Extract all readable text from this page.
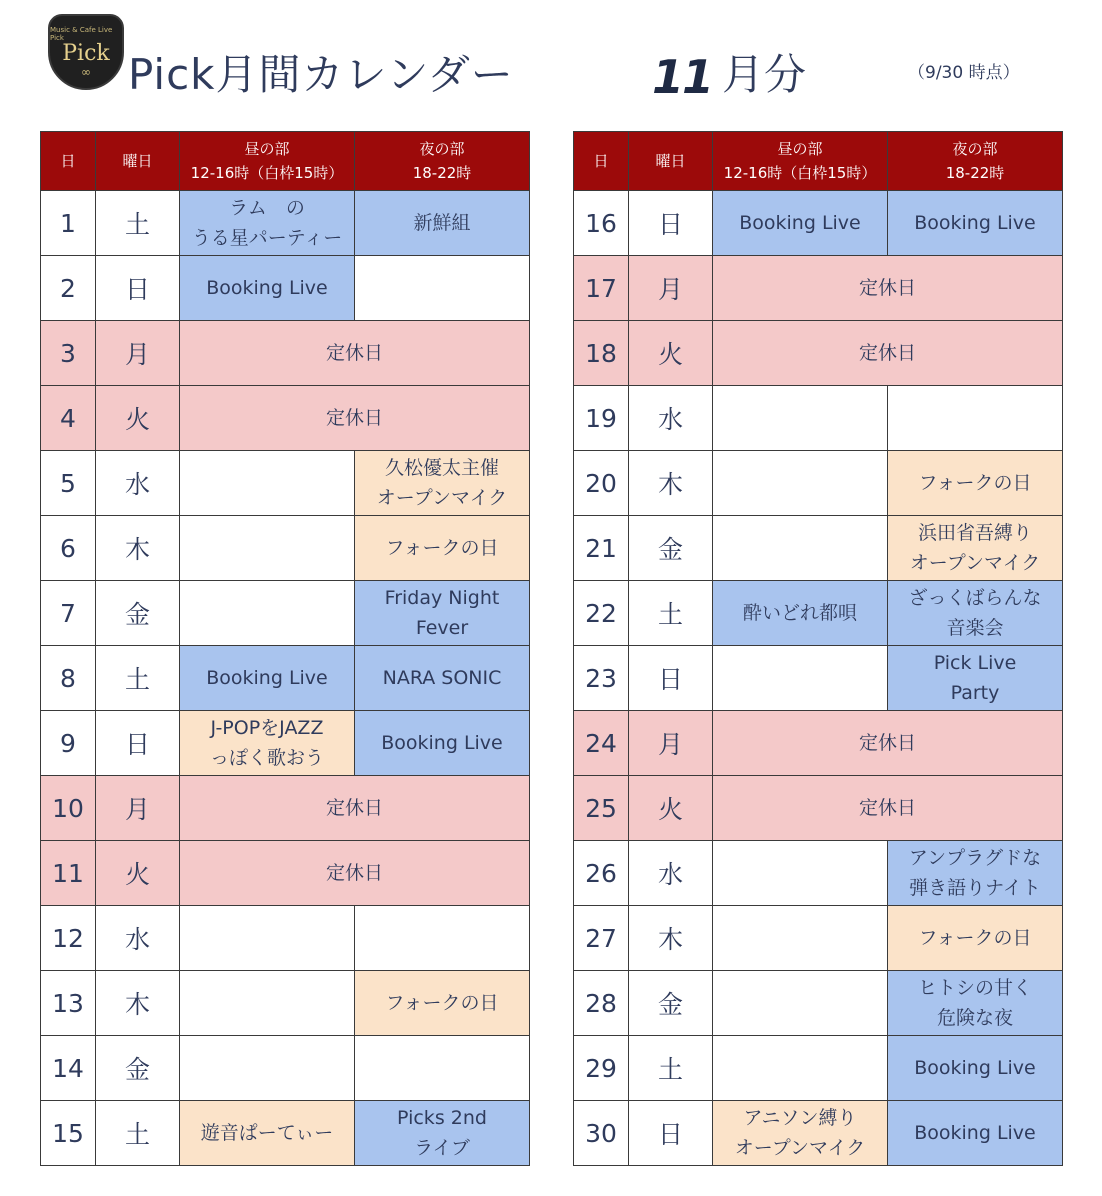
Music & Cafe Live Pick
Pick
∞ Pick月間カレンダー	11 月分	（9/30 時点）
日	曜日	昼の部
12-16時（白枠15時）	夜の部
18-22時
1	土	ラム　の
うる星パーティー	新鮮組
2	日	Booking Live	
3	月	定休日	
4	火	定休日	
5	水		久松優太主催
オープンマイク
6	木		フォークの日
7	金		Friday Night
Fever
8	土	Booking Live	NARA SONIC
9	日	J-POPをJAZZ
っぽく歌おう	Booking Live
10	月	定休日	
11	火	定休日	
12	水		
13	木		フォークの日
14	金		
15	土	遊音ぱーてぃー	Picks 2nd
ライブ
日	曜日	昼の部
12-16時（白枠15時）	夜の部
18-22時
16	日	Booking Live	Booking Live
17	月	定休日	
18	火	定休日	
19	水		
20	木		フォークの日
21	金		浜田省吾縛り
オープンマイク
22	土	酔いどれ都唄	ざっくばらんな
音楽会
23	日		Pick Live
Party
24	月	定休日	
25	火	定休日	
26	水		アンプラグドな
弾き語りナイト
27	木		フォークの日
28	金		ヒトシの甘く
危険な夜
29	土		Booking Live
30	日	アニソン縛り
オープンマイク	Booking Live
